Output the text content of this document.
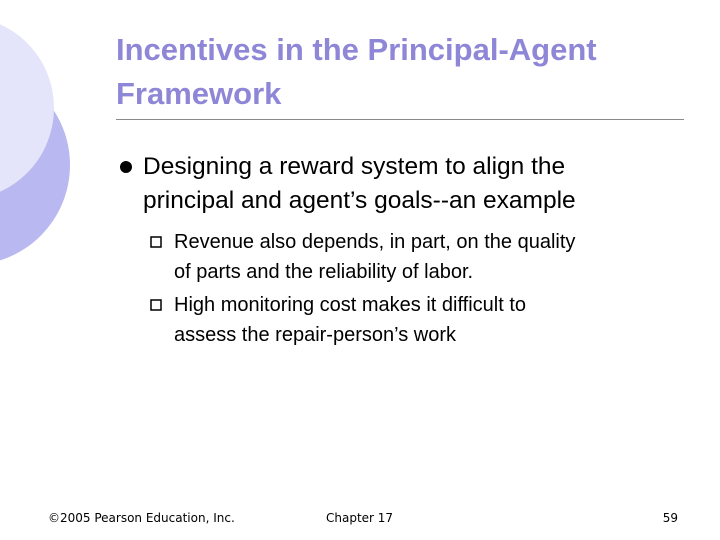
Incentives in the Principal-Agent
Framework
Designing a reward system to align the
principal and agent’s goals--an example
Revenue also depends, in part, on the quality
of parts and the reliability of labor.
High monitoring cost makes it difficult to
assess the repair-person’s work
©2005 Pearson Education, Inc.	Chapter 17	59
